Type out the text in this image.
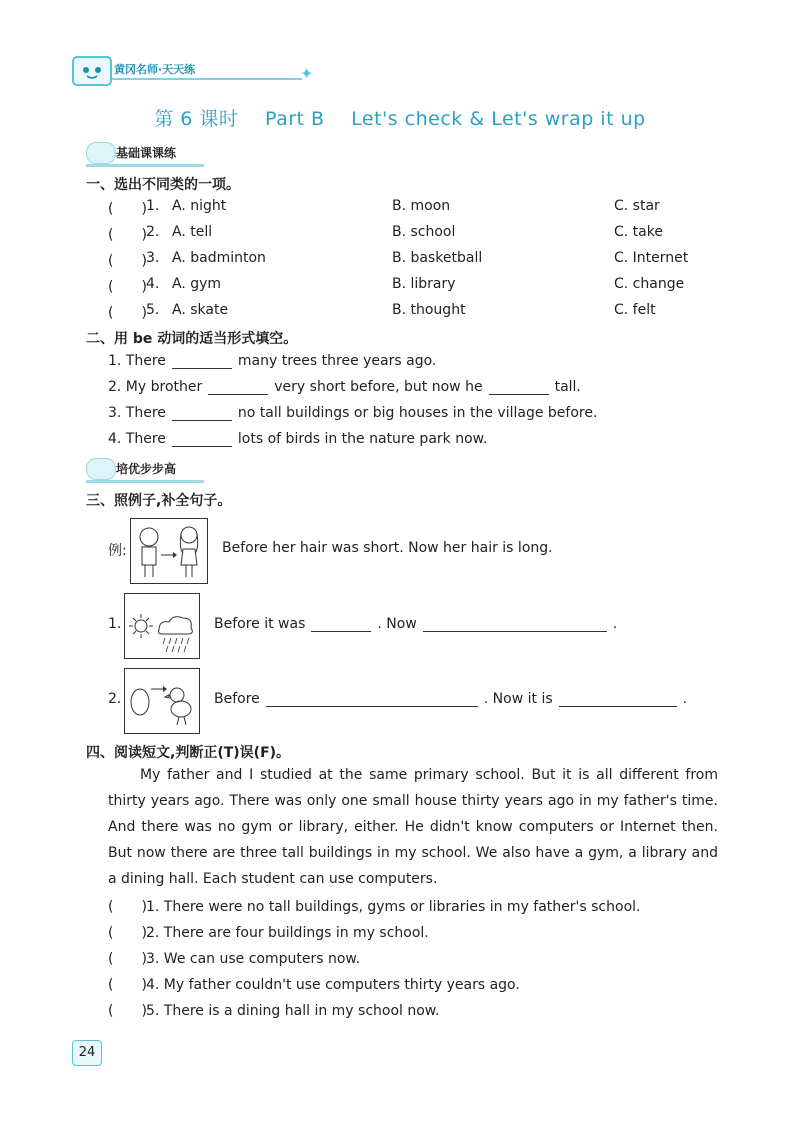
黄冈名师·天天练	✦
第 6 课时 Part B Let's check & Let's wrap it up
基础课课练
一、选出不同类的一项。
(　　) 1. A. night	B. moon	C. star
(　　) 2. A. tell	B. school	C. take
(　　) 3. A. badminton	B. basketball	C. Internet
(　　) 4. A. gym	B. library	C. change
(　　) 5. A. skate	B. thought	C. felt
二、用 be 动词的适当形式填空。
1. There	many trees three years ago.
2. My brother	very short before, but now he	tall.
3. There	no tall buildings or big houses in the village before.
4. There	lots of birds in the nature park now.
培优步步高
三、照例子,补全句子。
例:	Before her hair was short. Now her hair is long.
1.	Before it was	. Now	.
2.	Before	. Now it is	.
四、阅读短文,判断正(T)误(F)。
My father and I studied at the same primary school. But it is all different from thirty years ago. There was only one small house thirty years ago in my father's time. And there was no gym or library, either. He didn't know computers or Internet then. But now there are three tall buildings in my school. We also have a gym, a library and a dining hall. Each student can use computers.
(　　)1. There were no tall buildings, gyms or libraries in my father's school.
(　　)2. There are four buildings in my school.
(　　)3. We can use computers now.
(　　)4. My father couldn't use computers thirty years ago.
(　　)5. There is a dining hall in my school now.
24
